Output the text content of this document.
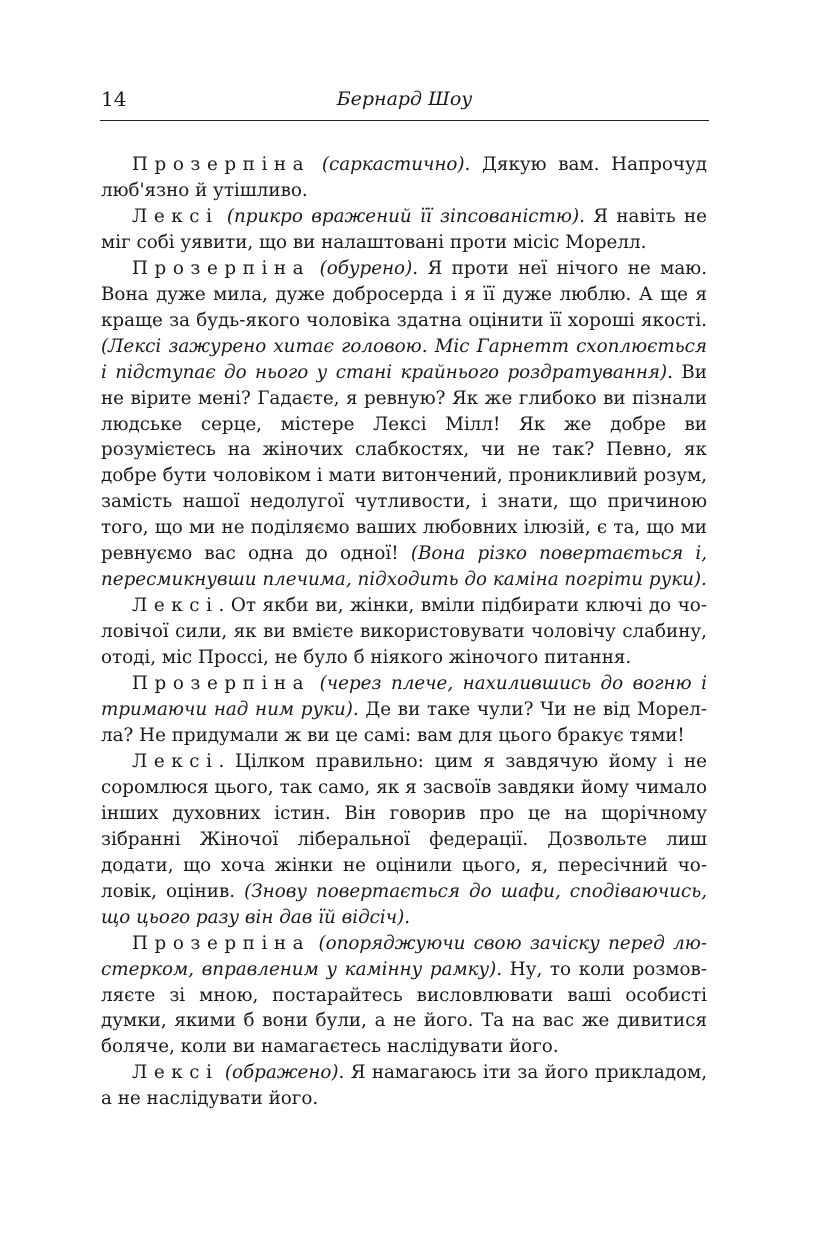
14	Бернард Шоу

Прозерпіна (саркастично). Дякую вам. Напрочуд люб'язно й утішливо.

Лексі (прикро вражений її зіпсованістю). Я навіть не міг собі уявити, що ви налаштовані проти місіс Морелл.

Прозерпіна (обурено). Я проти неї нічого не маю. Вона дуже мила, дуже добросерда і я її дуже люблю. А ще я краще за будь-якого чоловіка здатна оцінити її хороші якості. (Лексі зажурено хитає головою. Міс Гарнетт схоплюється і підступає до нього у стані крайнього роздратування). Ви не вірите мені? Гадаєте, я ревную? Як же глибоко ви пізнали людське серце, містере Лексі Мілл! Як же добре ви розумієтесь на жіночих слабкостях, чи не так? Певно, як добре бути чоловіком і мати витончений, проникливий розум, замість нашої недолугої чутливости, і знати, що причиною того, що ми не поділяємо ваших любовних ілюзій, є та, що ми ревнуємо вас одна до одної! (Вона різко повертається і, пересмикнувши плечима, підходить до каміна погріти руки).

Лексі. От якби ви, жінки, вміли підбирати ключі до чоловічої сили, як ви вмієте використовувати чоловічу слабину, отоді, міс Проссі, не було б ніякого жіночого питання.

Прозерпіна (через плече, нахилившись до вогню і тримаючи над ним руки). Де ви таке чули? Чи не від Морелла? Не придумали ж ви це самі: вам для цього бракує тями!

Лексі. Цілком правильно: цим я завдячую йому і не соромлюся цього, так само, як я засвоїв завдяки йому чимало інших духовних істин. Він говорив про це на щорічному зібранні Жіночої ліберальної федерації. Дозвольте лиш додати, що хоча жінки не оцінили цього, я, пересічний чоловік, оцінив. (Знову повертається до шафи, сподіваючись, що цього разу він дав їй відсіч).

Прозерпіна (опоряджуючи свою зачіску перед люстерком, вправленим у камінну рамку). Ну, то коли розмовляєте зі мною, постарайтесь висловлювати ваші особисті думки, якими б вони були, а не його. Та на вас же дивитися боляче, коли ви намагаєтесь наслідувати його.

Лексі (ображено). Я намагаюсь іти за його прикладом, а не наслідувати його.
